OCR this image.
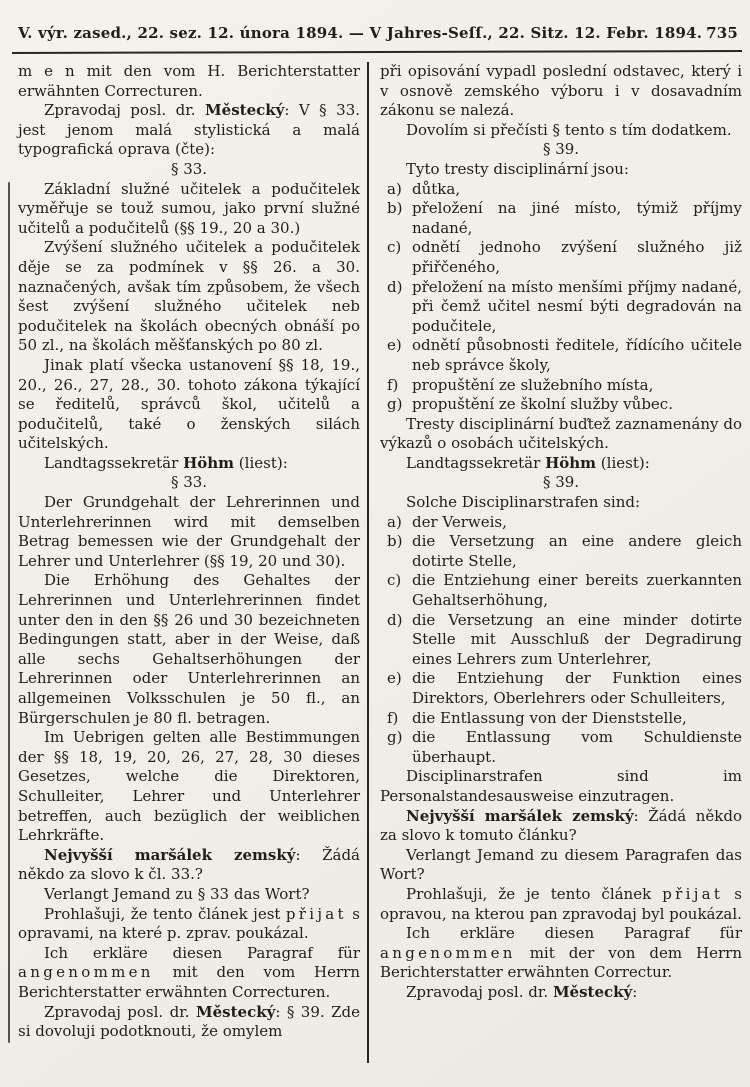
V. výr. zased., 22. sez. 12. února 1894. — V Jahres-Seſſ., 22. Sitz. 12. Febr. 1894. 735

m e n mit den vom H. Berichterstatter erwähnten Correcturen.

Zpravodaj posl. dr. Městecký: V § 33. jest jenom malá stylistická a malá typografická oprava (čte):

§ 33.

Základní služné učitelek a podučitelek vyměřuje se touž sumou, jako první služné učitelů a podučitelů (§§ 19., 20 a 30.)

Zvýšení služného učitelek a podučitelek děje se za podmínek v §§ 26. a 30. naznačených, avšak tím způsobem, že všech šest zvýšení služného učitelek neb podučitelek na školách obecných obnáší po 50 zl., na školách měšťanských po 80 zl.

Jinak platí všecka ustanovení §§ 18, 19., 20., 26., 27, 28., 30. tohoto zákona týkající se ředitelů, správců škol, učitelů a podučitelů, také o ženských silách učitelských.

Landtagssekretär Höhm (liest):

§ 33.

Der Grundgehalt der Lehrerinnen und Unterlehrerinnen wird mit demselben Betrag bemessen wie der Grundgehalt der Lehrer und Unterlehrer (§§ 19, 20 und 30).

Die Erhöhung des Gehaltes der Lehrerinnen und Unterlehrerinnen findet unter den in den §§ 26 und 30 bezeichneten Bedingungen statt, aber in der Weise, daß alle sechs Gehaltserhöhungen der Lehrerinnen oder Unterlehrerinnen an allgemeinen Volksschulen je 50 fl., an Bürgerschulen je 80 fl. betragen.

Im Uebrigen gelten alle Bestimmungen der §§ 18, 19, 20, 26, 27, 28, 30 dieses Gesetzes, welche die Direktoren, Schulleiter, Lehrer und Unterlehrer betreffen, auch bezüglich der weiblichen Lehrkräfte.

Nejvyšší maršálek zemský: Žádá někdo za slovo k čl. 33.?

Verlangt Jemand zu § 33 das Wort?

Prohlašuji, že tento článek jest přijat s opravami, na které p. zprav. poukázal.

Ich erkläre diesen Paragraf für angenommen mit den vom Herrn Berichterstatter erwähnten Correcturen.

Zpravodaj posl. dr. Městecký: § 39. Zde si dovoluji podotknouti, že omylem

při opisování vypadl poslední odstavec, který i v osnově zemského výboru i v dosavadním zákonu se nalezá.

Dovolím si přečísti § tento s tím dodatkem.

§ 39.

Tyto tresty disciplinární jsou:

a) důtka,
b) přeložení na jiné místo, týmiž příjmy nadané,
c) odnětí jednoho zvýšení služného již přiřčeného,
d) přeložení na místo menšími příjmy nadané, při čemž učitel nesmí býti degradován na podučitele,
e) odnětí působnosti ředitele, řídícího učitele neb správce školy,
f) propuštění ze služebního místa,
g) propuštění ze školní služby vůbec.

Tresty disciplinární buďtež zaznamenány do výkazů o osobách učitelských.

Landtagssekretär Höhm (liest):

§ 39.

Solche Disciplinarstrafen sind:

a) der Verweis,
b) die Versetzung an eine andere gleich dotirte Stelle,
c) die Entziehung einer bereits zuerkannten Gehaltserhöhung,
d) die Versetzung an eine minder dotirte Stelle mit Ausschluß der Degradirung eines Lehrers zum Unterlehrer,
e) die Entziehung der Funktion eines Direktors, Oberlehrers oder Schulleiters,
f) die Entlassung von der Dienststelle,
g) die Entlassung vom Schuldienste überhaupt.

Disciplinarstrafen sind im Personalstandesausweise einzutragen.

Nejvyšší maršálek zemský: Žádá někdo za slovo k tomuto článku?

Verlangt Jemand zu diesem Paragrafen das Wort?

Prohlašuji, že je tento článek přijat s opravou, na kterou pan zpravodaj byl poukázal.

Ich erkläre diesen Paragraf für angenommen mit der von dem Herrn Berichterstatter erwähnten Correctur.

Zpravodaj posl. dr. Městecký:
